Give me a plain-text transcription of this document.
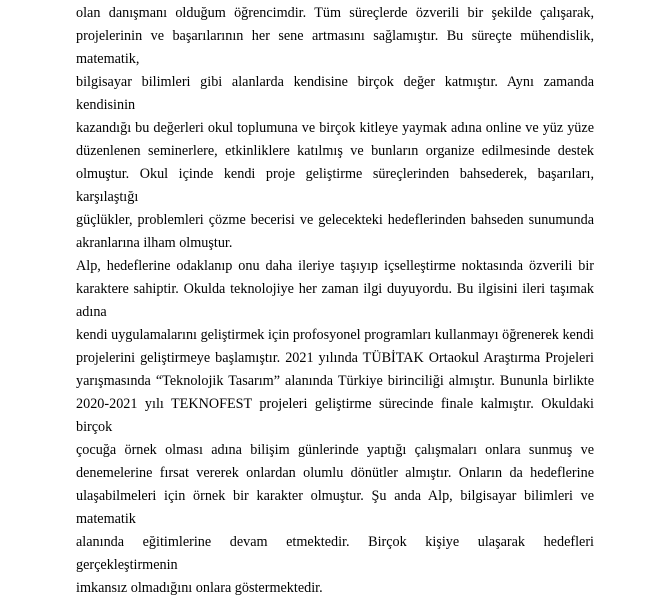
olan danışmanı olduğum öğrencimdir. Tüm süreçlerde özverili bir şekilde çalışarak,
projelerinin ve başarılarının her sene artmasını sağlamıştır. Bu süreçte mühendislik, matematik,
bilgisayar bilimleri gibi alanlarda kendisine birçok değer katmıştır. Aynı zamanda kendisinin
kazandığı bu değerleri okul toplumuna ve birçok kitleye yaymak adına online ve yüz yüze
düzenlenen seminerlere, etkinliklere katılmış ve bunların organize edilmesinde destek
olmuştur. Okul içinde kendi proje geliştirme süreçlerinden bahsederek, başarıları, karşılaştığı
güçlükler, problemleri çözme becerisi ve gelecekteki hedeflerinden bahseden sunumunda
akranlarına ilham olmuştur.
Alp, hedeflerine odaklanıp onu daha ileriye taşıyıp içselleştirme noktasında özverili bir
karaktere sahiptir. Okulda teknolojiye her zaman ilgi duyuyordu. Bu ilgisini ileri taşımak adına
kendi uygulamalarını geliştirmek için profosyonel programları kullanmayı öğrenerek kendi
projelerini geliştirmeye başlamıştır. 2021 yılında TÜBİTAK Ortaokul Araştırma Projeleri
yarışmasında “Teknolojik Tasarım” alanında Türkiye birinciliği almıştır. Bununla birlikte
2020-2021 yılı TEKNOFEST projeleri geliştirme sürecinde finale kalmıştır. Okuldaki birçok
çocuğa örnek olması adına bilişim günlerinde yaptığı çalışmaları onlara sunmuş ve
denemelerine fırsat vererek onlardan olumlu dönütler almıştır. Onların da hedeflerine
ulaşabilmeleri için örnek bir karakter olmuştur. Şu anda Alp, bilgisayar bilimleri ve matematik
alanında eğitimlerine devam etmektedir. Birçok kişiye ulaşarak hedefleri gerçekleştirmenin
imkansız olmadığını onlara göstermektedir.
